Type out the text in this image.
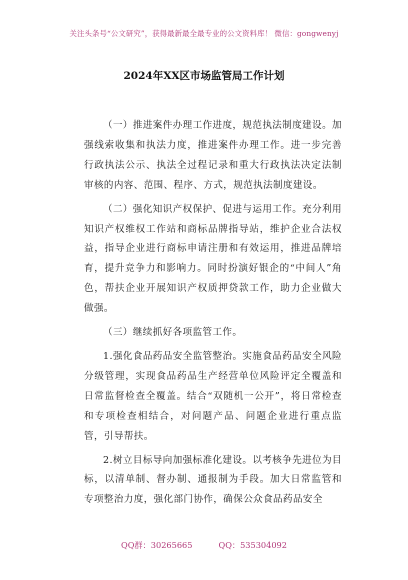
关注头条号“公文研究”，获得最新最全最专业的公文资料库！ 微信：gongwenyj
2024年XX区市场监管局工作计划

（一）推进案件办理工作进度，规范执法制度建设。加强线索收集和执法力度，推进案件办理工作。进一步完善行政执法公示、执法全过程记录和重大行政执法决定法制审核的内容、范围、程序、方式，规范执法制度建设。

（二）强化知识产权保护、促进与运用工作。充分利用知识产权维权工作站和商标品牌指导站，维护企业合法权益，指导企业进行商标申请注册和有效运用，推进品牌培育，提升竞争力和影响力。同时扮演好银企的“中间人”角色，帮扶企业开展知识产权质押贷款工作，助力企业做大做强。

（三）继续抓好各项监管工作。

1.强化食品药品安全监管整治。实施食品药品安全风险分级管理，实现食品药品生产经营单位风险评定全覆盖和日常监督检查全覆盖。结合“双随机一公开”，将日常检查和专项检查相结合，对问题产品、问题企业进行重点监管，引导帮扶。

2.树立目标导向加强标准化建设。以考核争先进位为目标，以清单制、督办制、通报制为手段。加大日常监管和专项整治力度，强化部门协作，确保公众食品药品安全

QQ群：30265665	QQ：535304092
